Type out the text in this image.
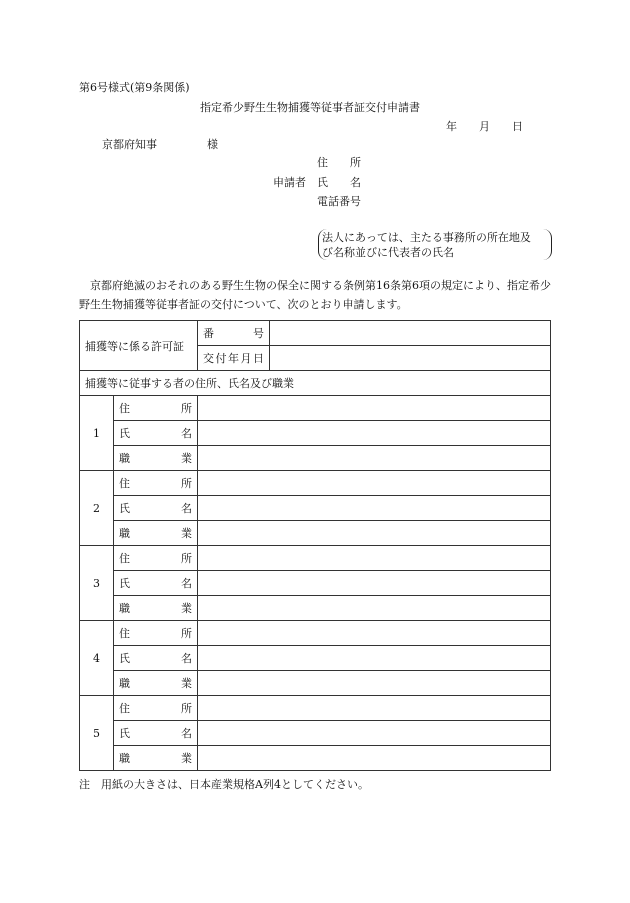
第6号様式(第9条関係)
指定希少野生生物捕獲等従事者証交付申請書
年　　月　　日
京都府知事	様
住　　所
申請者 氏　　名
電話番号
法人にあっては、主たる事務所の所在地及
び名称並びに代表者の氏名
京都府絶滅のおそれのある野生生物の保全に関する条例第16条第6項の規定により、指定希少野生生物捕獲等従事者証の交付について、次のとおり申請します。
捕獲等に係る許可証		番　号	
		交付年月日	
捕獲等に従事する者の住所、氏名及び職業			
1	住所		
	氏名		
	職業		
2	住所		
	氏名		
	職業		
3	住所		
	氏名		
	職業		
4	住所		
	氏名		
	職業		
5	住所		
	氏名		
	職業		
注　用紙の大きさは、日本産業規格A列4としてください。
